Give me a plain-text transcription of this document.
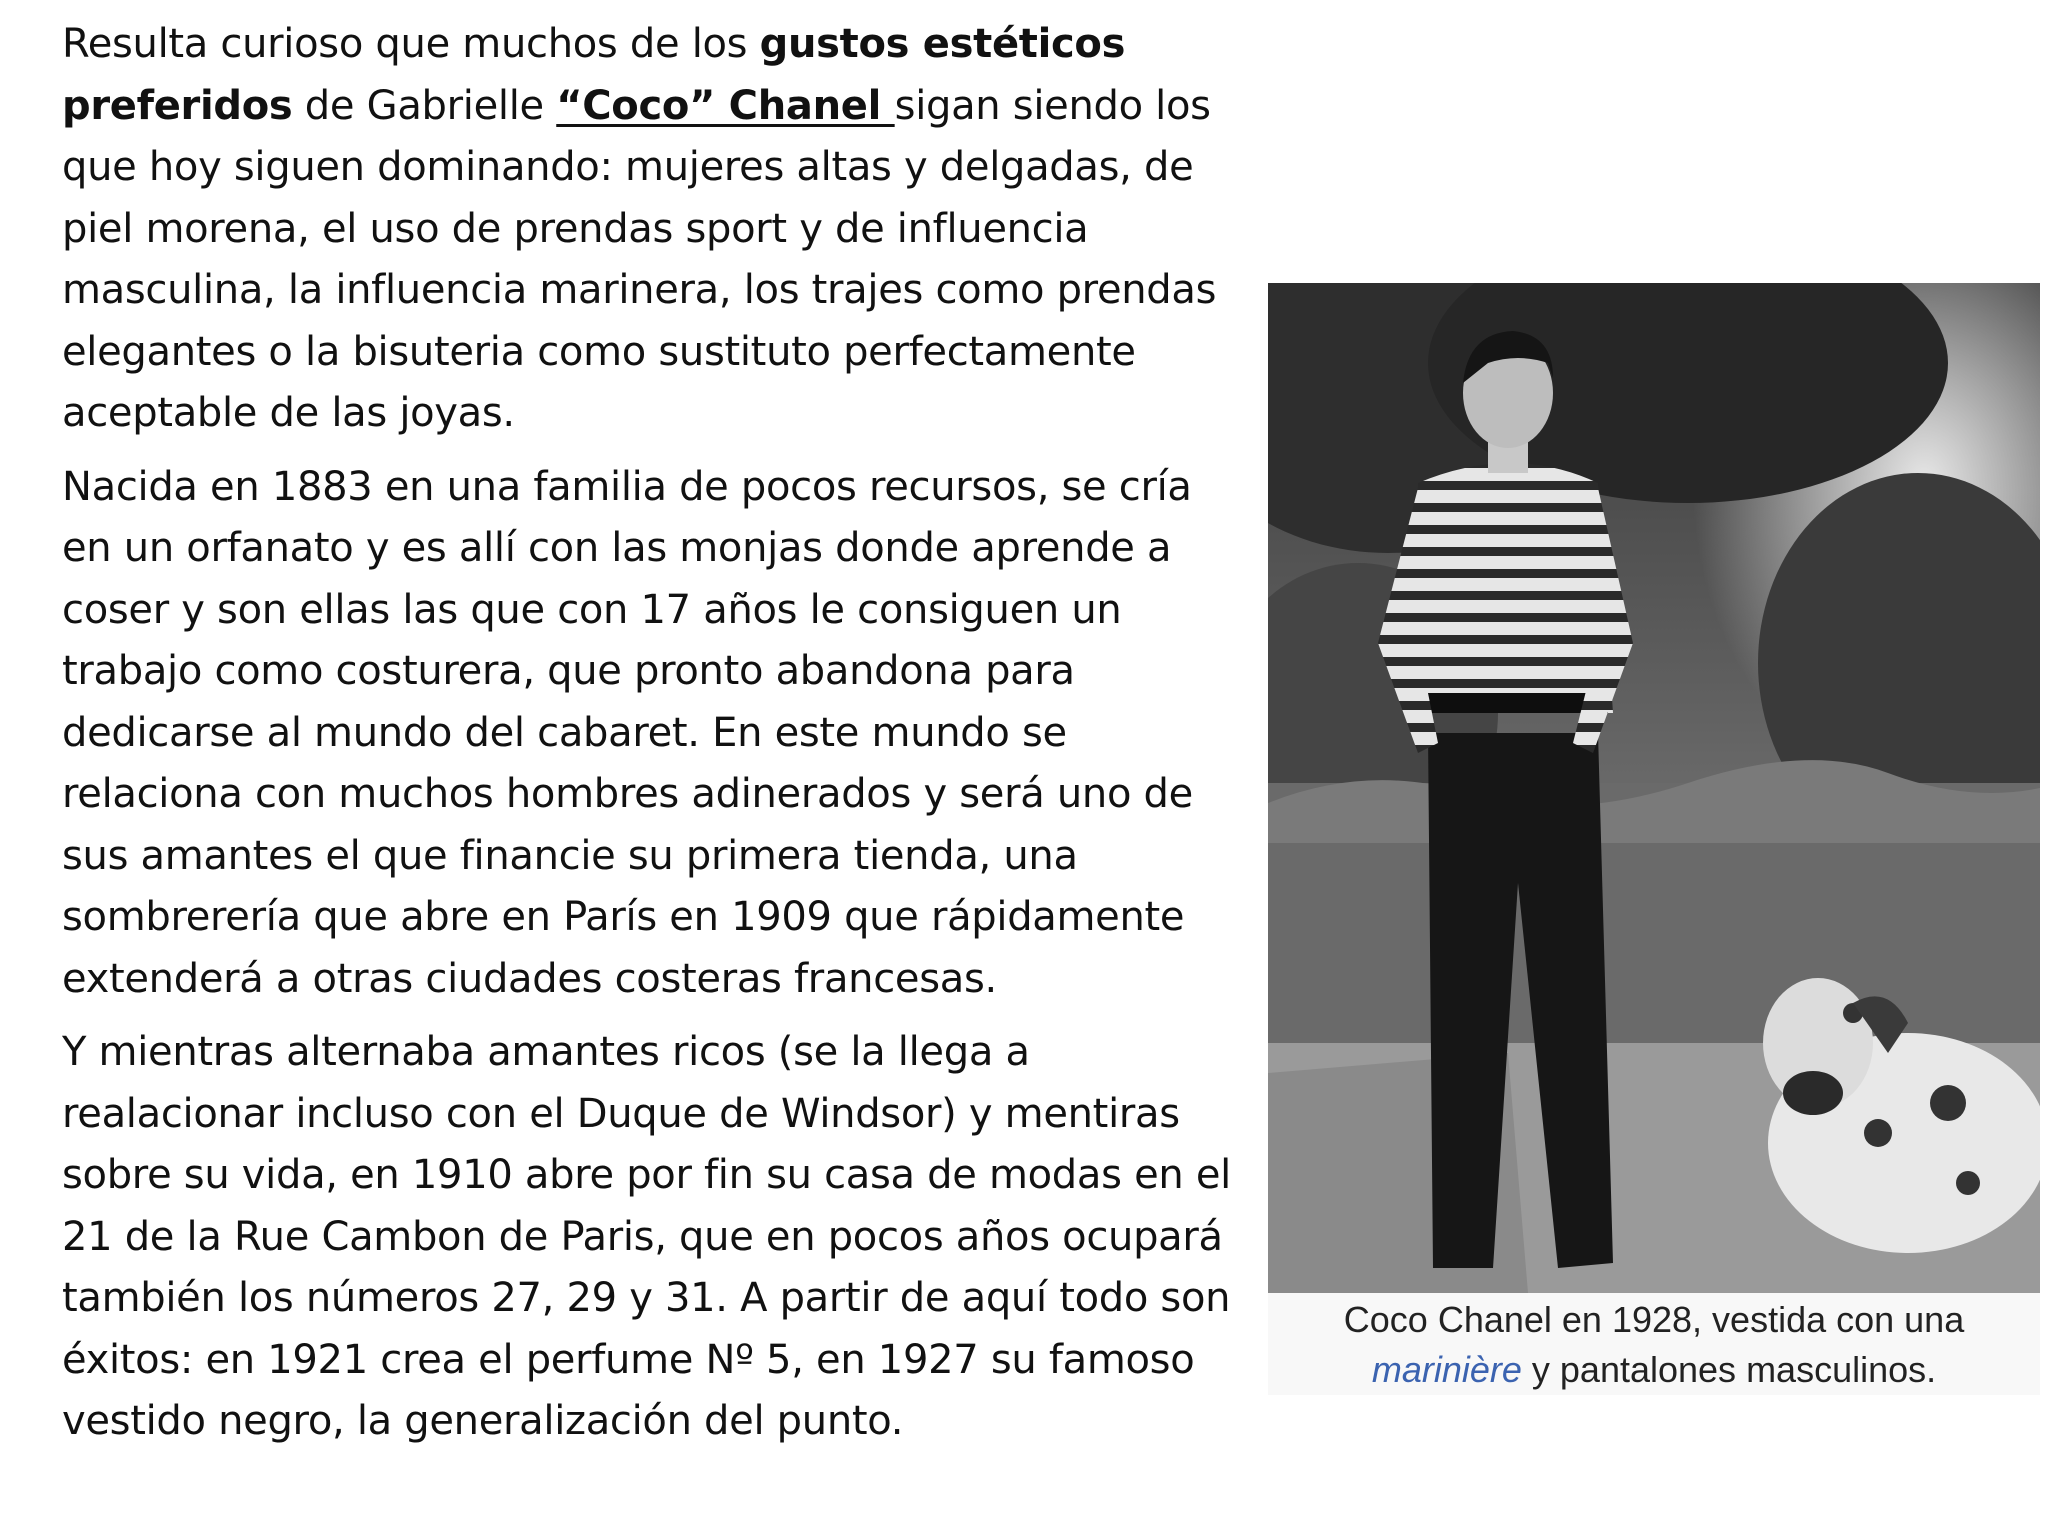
Resulta curioso que muchos de los gustos estéticos preferidos de Gabrielle “Coco” Chanel sigan siendo los que hoy siguen dominando: mujeres altas y delgadas, de piel morena, el uso de prendas sport y de influencia masculina, la influencia marinera, los trajes como prendas elegantes o la bisuteria como sustituto perfectamente aceptable de las joyas.

Nacida en 1883 en una familia de pocos recursos, se cría en un orfanato y es allí con las monjas donde aprende a coser y son ellas las que con 17 años le consiguen un trabajo como costurera, que pronto abandona para dedicarse al mundo del cabaret. En este mundo se relaciona con muchos hombres adinerados y será uno de sus amantes el que financie su primera tienda, una sombrerería que abre en París en 1909 que rápidamente extenderá a otras ciudades costeras francesas.

Y mientras alternaba amantes ricos (se la llega a realacionar incluso con el Duque de Windsor) y mentiras sobre su vida, en 1910 abre por fin su casa de modas en el 21 de la Rue Cambon de Paris, que en pocos años ocupará también los números 27, 29 y 31. A partir de aquí todo son éxitos: en 1921 crea el perfume Nº 5, en 1927 su famoso vestido negro, la generalización del punto.

Coco Chanel en 1928, vestida con una
marinière y pantalones masculinos.
